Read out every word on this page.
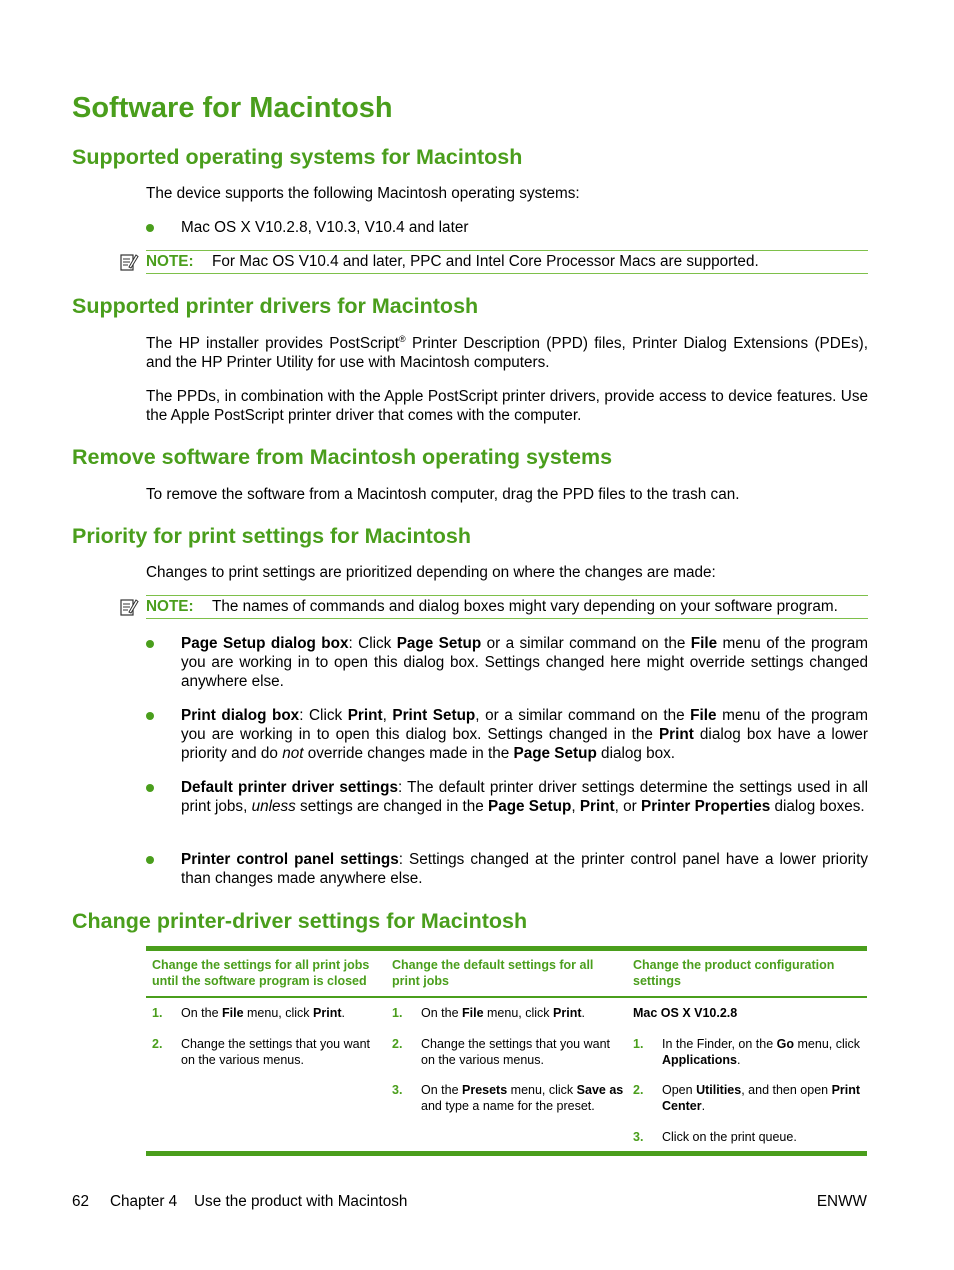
Software for Macintosh
Supported operating systems for Macintosh
The device supports the following Macintosh operating systems:
Mac OS X V10.2.8, V10.3, V10.4 and later
NOTE: For Mac OS V10.4 and later, PPC and Intel Core Processor Macs are supported.
Supported printer drivers for Macintosh
The HP installer provides PostScript® Printer Description (PPD) files, Printer Dialog Extensions (PDEs), and the HP Printer Utility for use with Macintosh computers.
The PPDs, in combination with the Apple PostScript printer drivers, provide access to device features. Use the Apple PostScript printer driver that comes with the computer.
Remove software from Macintosh operating systems
To remove the software from a Macintosh computer, drag the PPD files to the trash can.
Priority for print settings for Macintosh
Changes to print settings are prioritized depending on where the changes are made:
NOTE: The names of commands and dialog boxes might vary depending on your software program.
Page Setup dialog box: Click Page Setup or a similar command on the File menu of the program you are working in to open this dialog box. Settings changed here might override settings changed anywhere else.
Print dialog box: Click Print, Print Setup, or a similar command on the File menu of the program you are working in to open this dialog box. Settings changed in the Print dialog box have a lower priority and do not override changes made in the Page Setup dialog box.
Default printer driver settings: The default printer driver settings determine the settings used in all print jobs, unless settings are changed in the Page Setup, Print, or Printer Properties dialog boxes.
Printer control panel settings: Settings changed at the printer control panel have a lower priority than changes made anywhere else.
Change printer-driver settings for Macintosh
Change the settings for all print jobs until the software program is closed
Change the default settings for all print jobs
Change the product configuration settings
1. On the File menu, click Print.
2. Change the settings that you want on the various menus.
1. On the File menu, click Print.
2. Change the settings that you want on the various menus.
3. On the Presets menu, click Save as and type a name for the preset.
Mac OS X V10.2.8
1. In the Finder, on the Go menu, click Applications.
2. Open Utilities, and then open Print Center.
3. Click on the print queue.
62 Chapter 4 Use the product with Macintosh	ENWW
